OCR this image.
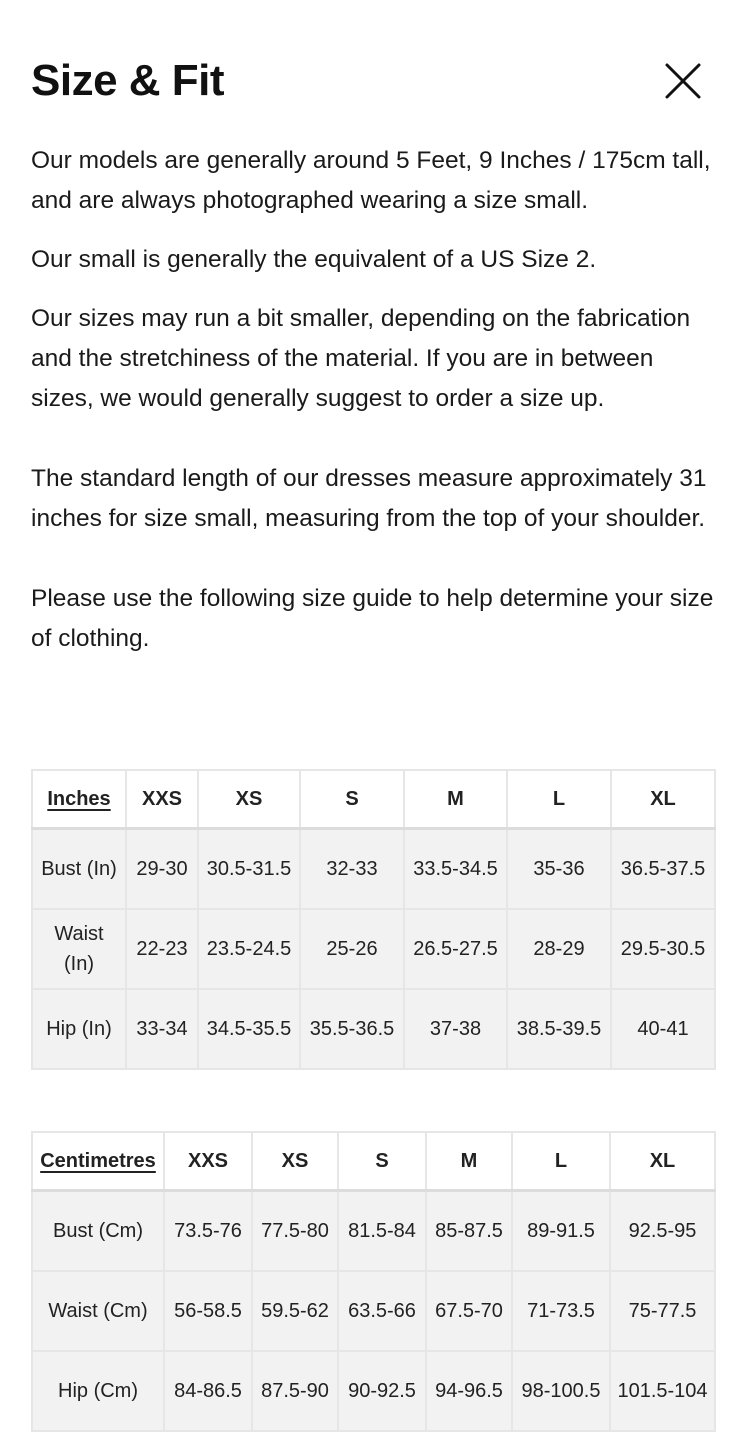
Size & Fit

Our models are generally around 5 Feet, 9 Inches / 175cm tall, and are always photographed wearing a size small.

Our small is generally the equivalent of a US Size 2.

Our sizes may run a bit smaller, depending on the fabrication and the stretchiness of the material. If you are in between sizes, we would generally suggest to order a size up.

The standard length of our dresses measure approximately 31 inches for size small, measuring from the top of your shoulder.

Please use the following size guide to help determine your size of clothing.

Inches	XXS	XS	S	M	L	XL
Bust (In)	29-30	30.5-31.5	32-33	33.5-34.5	35-36	36.5-37.5
Waist (In)	22-23	23.5-24.5	25-26	26.5-27.5	28-29	29.5-30.5
Hip (In)	33-34	34.5-35.5	35.5-36.5	37-38	38.5-39.5	40-41
Centimetres	XXS	XS	S	M	L	XL
Bust (Cm)	73.5-76	77.5-80	81.5-84	85-87.5	89-91.5	92.5-95
Waist (Cm)	56-58.5	59.5-62	63.5-66	67.5-70	71-73.5	75-77.5
Hip (Cm)	84-86.5	87.5-90	90-92.5	94-96.5	98-100.5	101.5-104
